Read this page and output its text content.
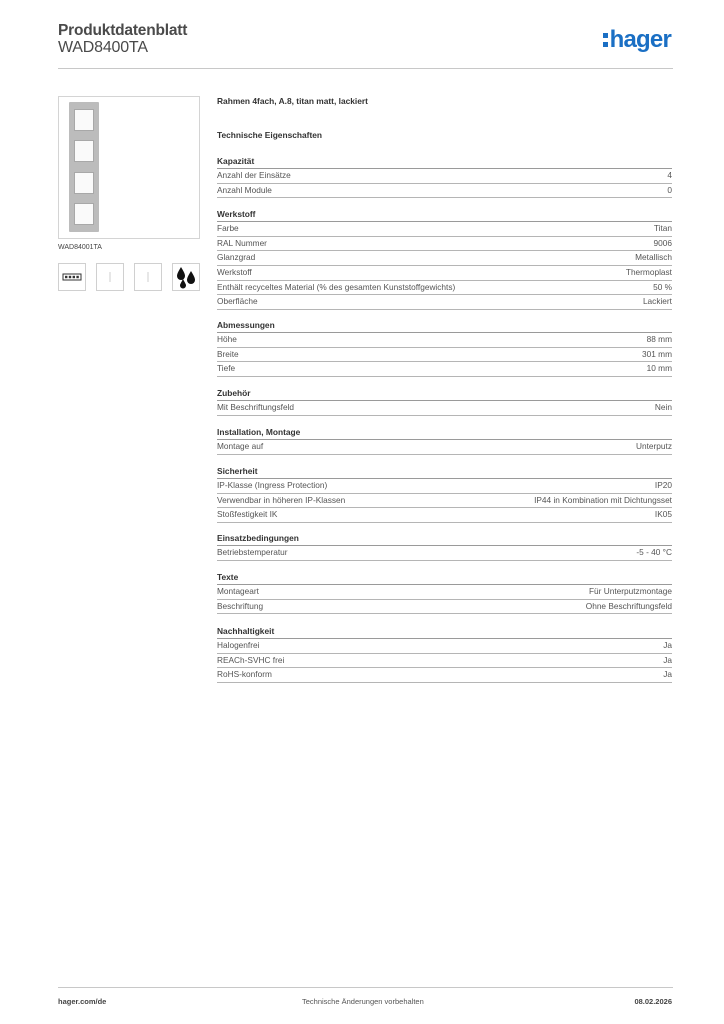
Produktdatenblatt
WAD8400TA	hager
WAD84001TA
Rahmen 4fach, A.8, titan matt, lackiert
Technische Eigenschaften
Kapazität
Anzahl der Einsätze	4
Anzahl Module	0
Werkstoff
Farbe	Titan
RAL Nummer	9006
Glanzgrad	Metallisch
Werkstoff	Thermoplast
Enthält recyceltes Material (% des gesamten Kunststoffgewichts)	50 %
Oberfläche	Lackiert
Abmessungen
Höhe	88 mm
Breite	301 mm
Tiefe	10 mm
Zubehör
Mit Beschriftungsfeld	Nein
Installation, Montage
Montage auf	Unterputz
Sicherheit
IP-Klasse (Ingress Protection)	IP20
Verwendbar in höheren IP-Klassen	IP44 in Kombination mit Dichtungsset
Stoßfestigkeit IK	IK05
Einsatzbedingungen
Betriebstemperatur	-5 - 40 °C
Texte
Montageart	Für Unterputzmontage
Beschriftung	Ohne Beschriftungsfeld
Nachhaltigkeit
Halogenfrei	Ja
REACh-SVHC frei	Ja
RoHS-konform	Ja
hager.com/de	Technische Änderungen vorbehalten	08.02.2026
